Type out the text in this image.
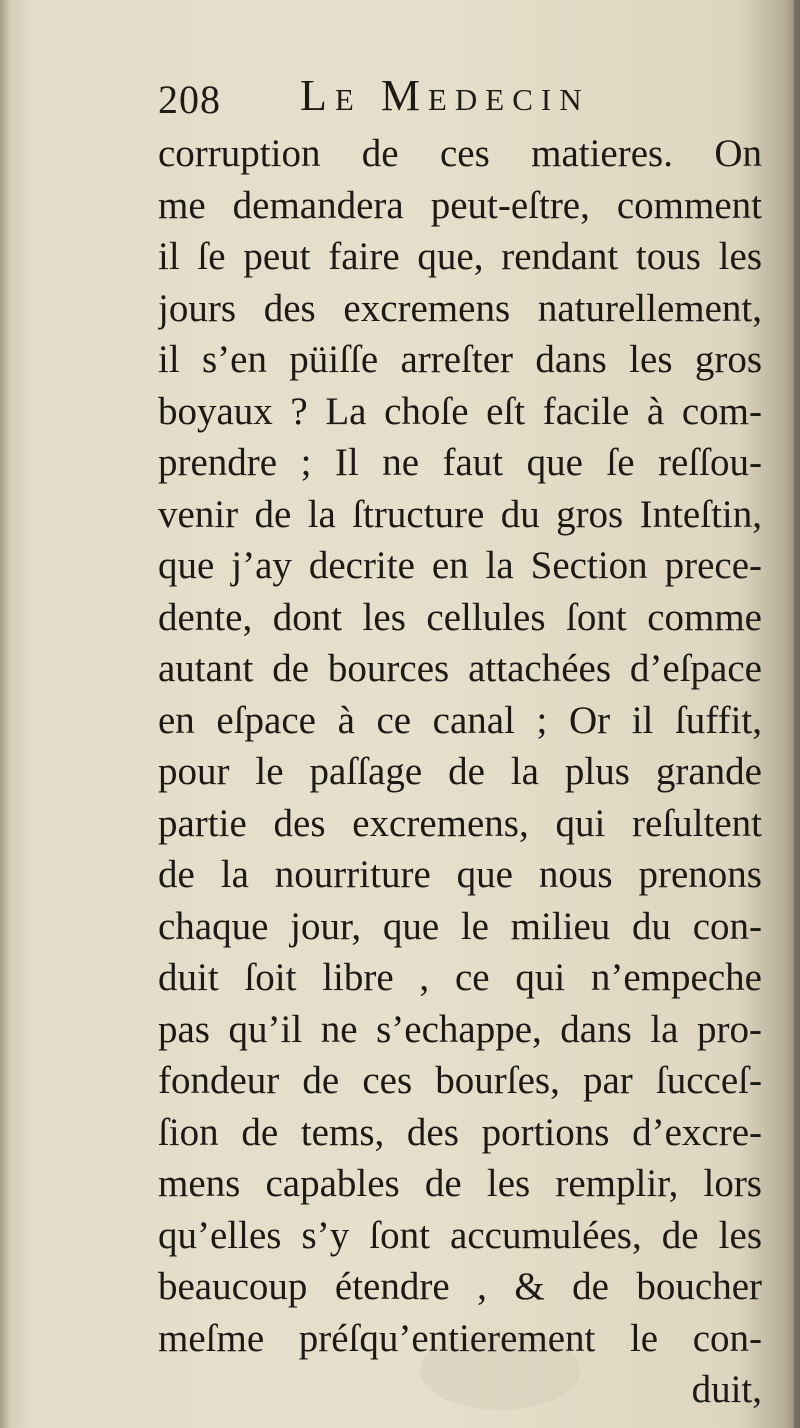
208 Le Medecin
corruption de ces matieres. On
me demandera peut-eſtre, comment
il ſe peut faire que, rendant tous les
jours des excremens naturellement,
il s’en püiſſe arreſter dans les gros
boyaux ? La choſe eſt facile à com-
prendre ; Il ne faut que ſe reſſou-
venir de la ſtructure du gros Inteſtin,
que j’ay decrite en la Section prece-
dente, dont les cellules ſont comme
autant de bources attachées d’eſpace
en eſpace à ce canal ; Or il ſuffit,
pour le paſſage de la plus grande
partie des excremens, qui reſultent
de la nourriture que nous prenons
chaque jour, que le milieu du con-
duit ſoit libre , ce qui n’empeche
pas qu’il ne s’echappe, dans la pro-
fondeur de ces bourſes, par ſucceſ-
ſion de tems, des portions d’excre-
mens capables de les remplir, lors
qu’elles s’y ſont accumulées, de les
beaucoup étendre , & de boucher
meſme préſqu’entierement le con-
duit,
